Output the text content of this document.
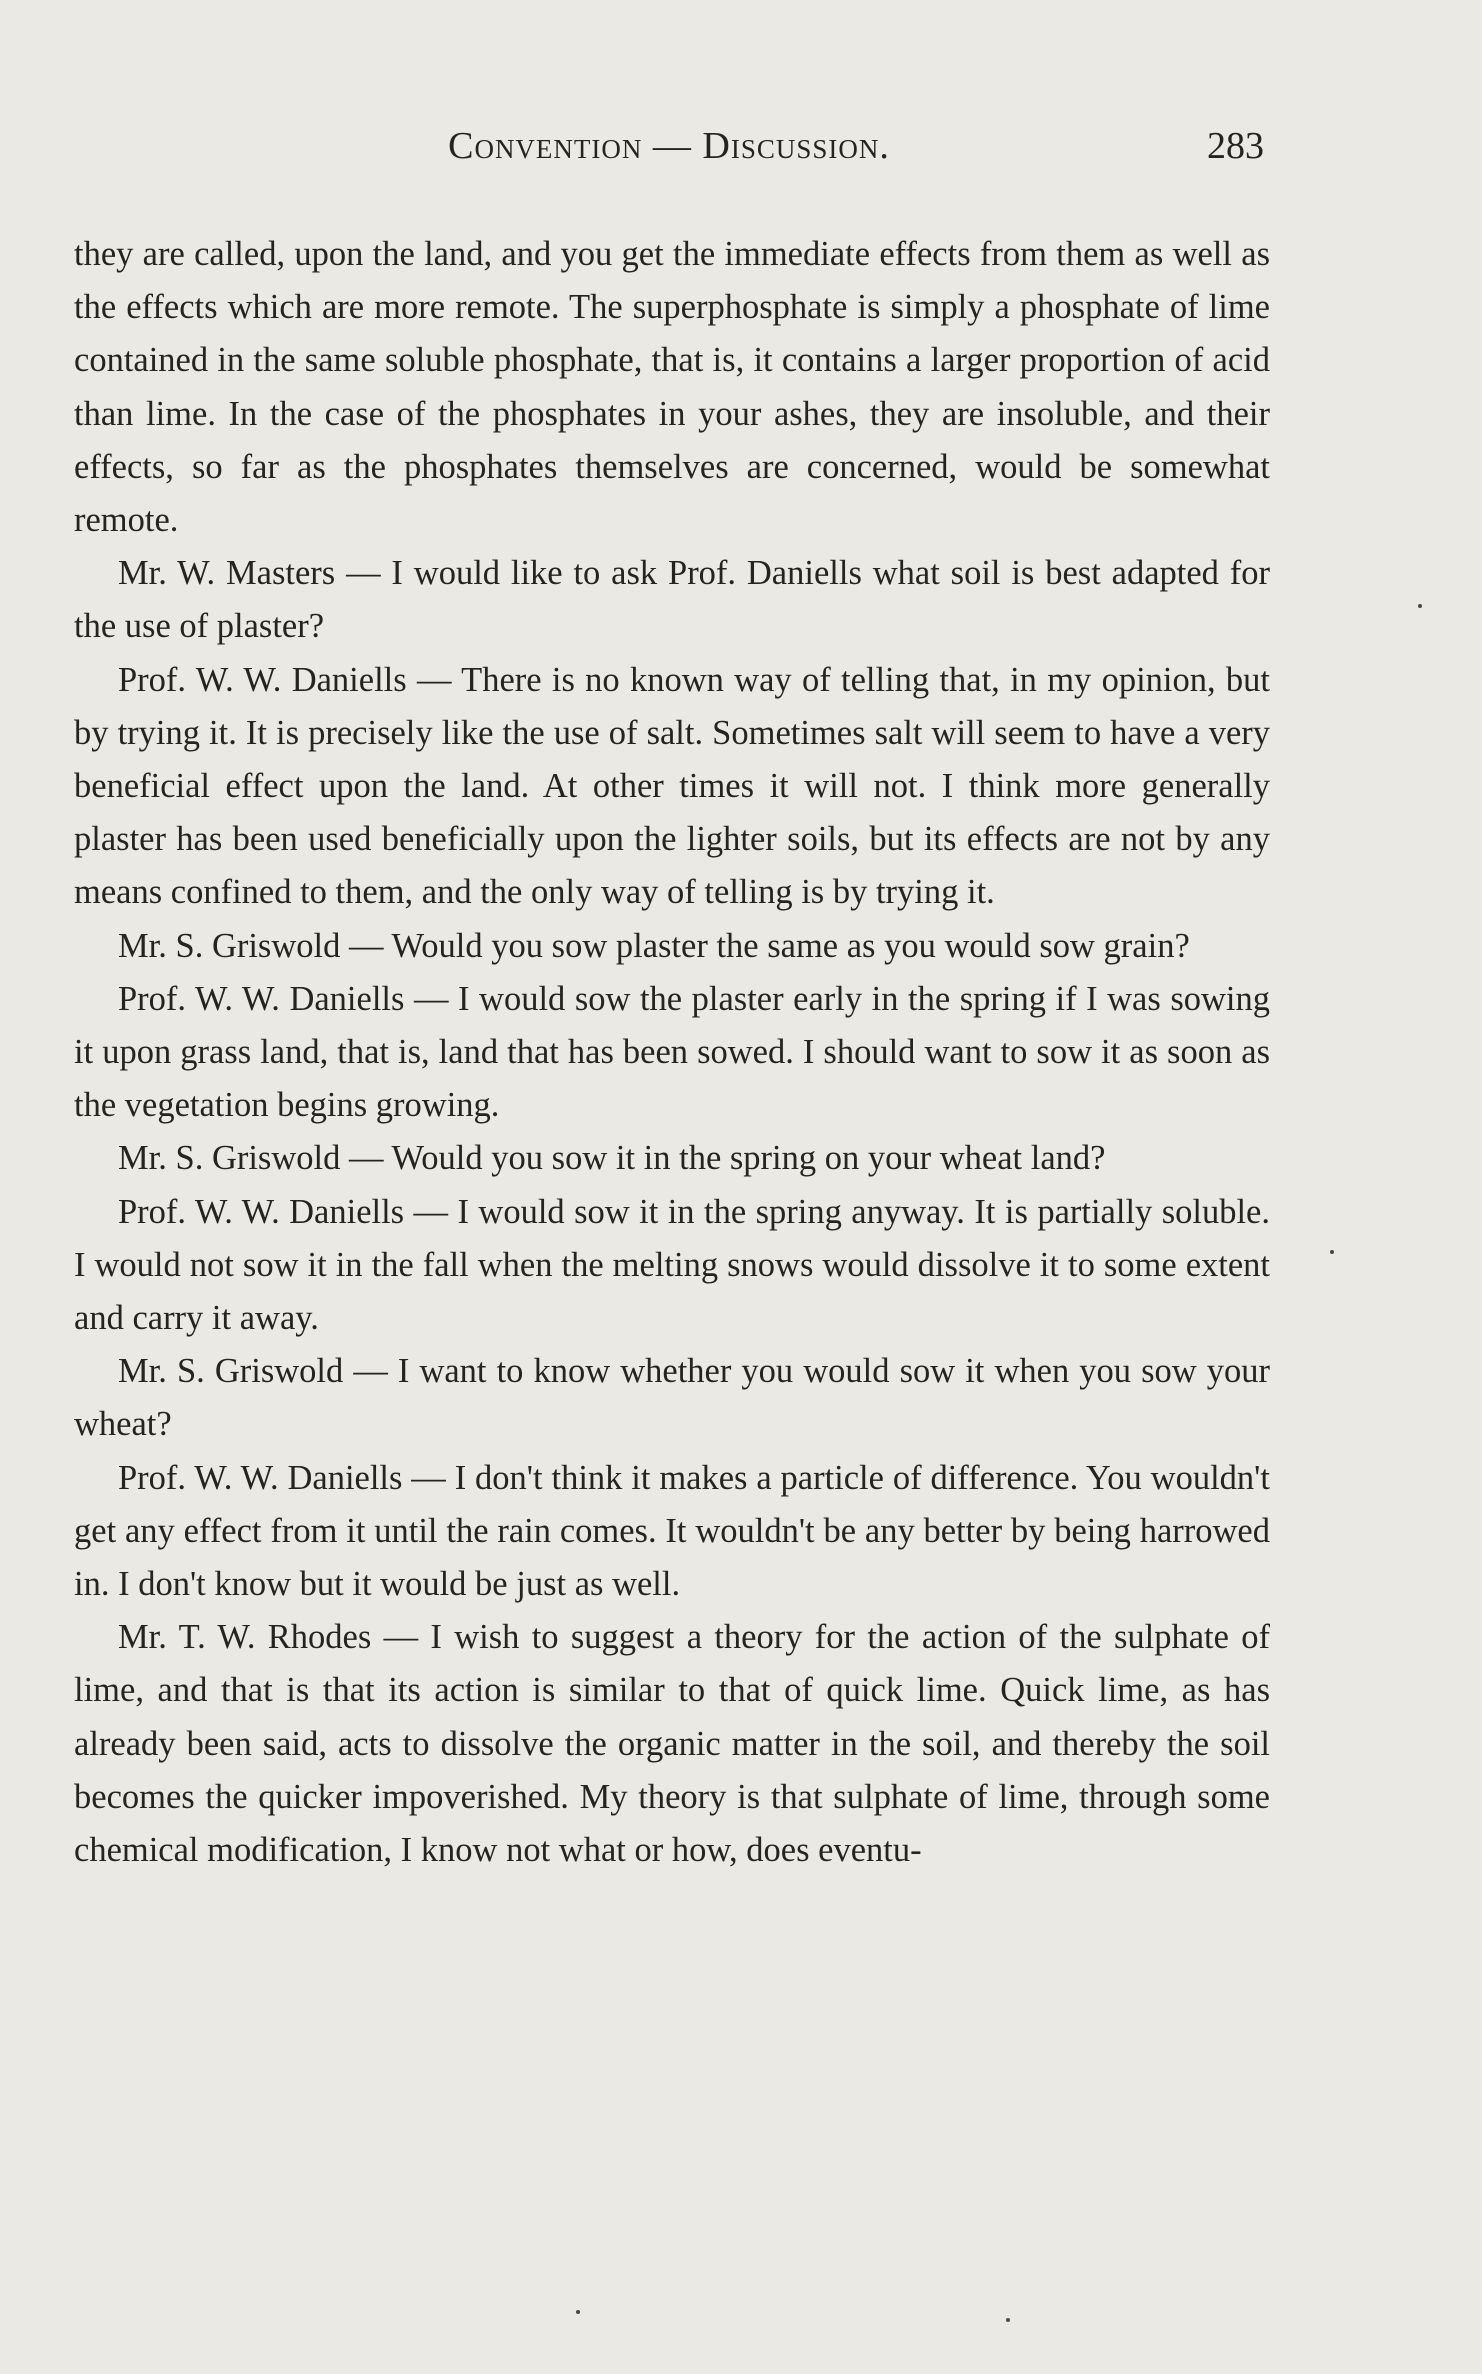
Convention — Discussion.	283

they are called, upon the land, and you get the immediate effects from them as well as the effects which are more remote. The superphosphate is simply a phosphate of lime contained in the same soluble phosphate, that is, it contains a larger proportion of acid than lime. In the case of the phosphates in your ashes, they are insoluble, and their effects, so far as the phosphates themselves are concerned, would be somewhat remote.

Mr. W. Masters — I would like to ask Prof. Daniells what soil is best adapted for the use of plaster?

Prof. W. W. Daniells — There is no known way of telling that, in my opinion, but by trying it. It is precisely like the use of salt. Sometimes salt will seem to have a very beneficial effect upon the land. At other times it will not. I think more generally plaster has been used beneficially upon the lighter soils, but its effects are not by any means confined to them, and the only way of telling is by trying it.

Mr. S. Griswold — Would you sow plaster the same as you would sow grain?

Prof. W. W. Daniells — I would sow the plaster early in the spring if I was sowing it upon grass land, that is, land that has been sowed. I should want to sow it as soon as the vegetation begins growing.

Mr. S. Griswold — Would you sow it in the spring on your wheat land?

Prof. W. W. Daniells — I would sow it in the spring anyway. It is partially soluble. I would not sow it in the fall when the melting snows would dissolve it to some extent and carry it away.

Mr. S. Griswold — I want to know whether you would sow it when you sow your wheat?

Prof. W. W. Daniells — I don't think it makes a particle of difference. You wouldn't get any effect from it until the rain comes. It wouldn't be any better by being harrowed in. I don't know but it would be just as well.

Mr. T. W. Rhodes — I wish to suggest a theory for the action of the sulphate of lime, and that is that its action is similar to that of quick lime. Quick lime, as has already been said, acts to dissolve the organic matter in the soil, and thereby the soil becomes the quicker impoverished. My theory is that sulphate of lime, through some chemical modification, I know not what or how, does eventu-
